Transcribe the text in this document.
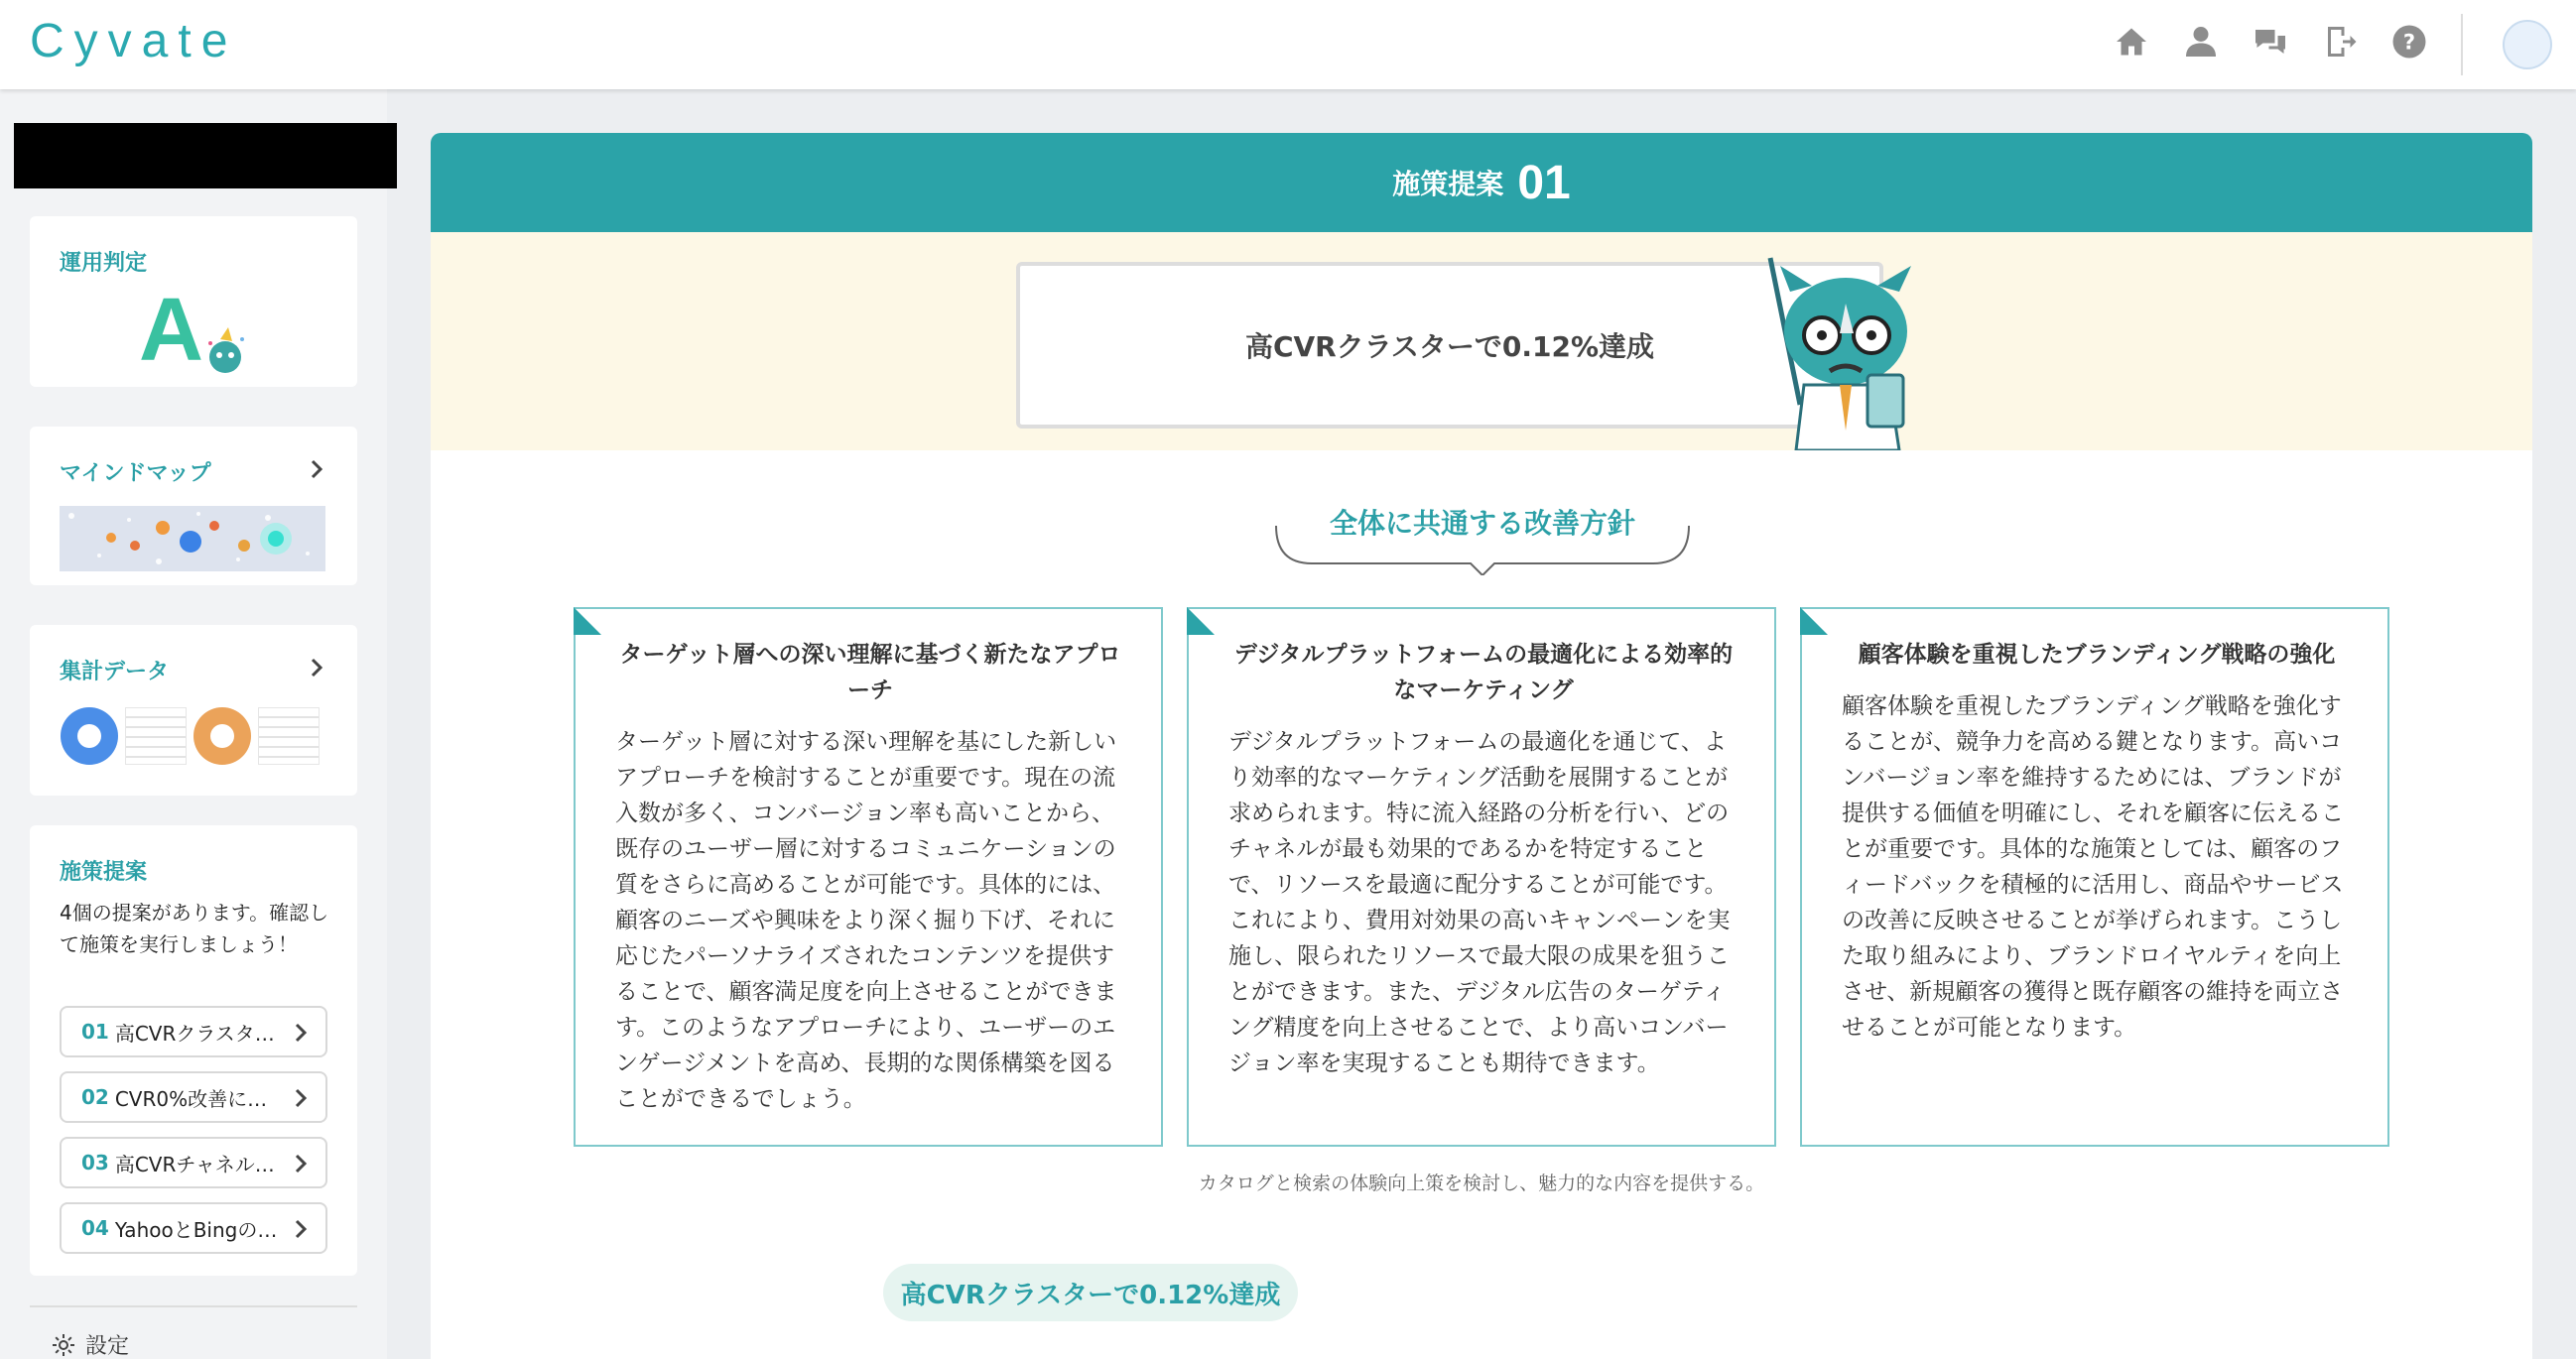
Cyvate	?
運用判定
A
マインドマップ
集計データ
施策提案
4個の提案があります。確認して施策を実行しましょう！
01 高CVRクラスタ…
02 CVR0%改善に…
03 高CVRチャネル…
04 YahooとBingの…
設定
施策提案 01
高CVRクラスターで0.12%達成
全体に共通する改善方針
ターゲット層への深い理解に基づく新たなアプローチ
ターゲット層に対する深い理解を基にした新しいアプローチを検討することが重要です。現在の流入数が多く、コンバージョン率も高いことから、既存のユーザー層に対するコミュニケーションの質をさらに高めることが可能です。具体的には、顧客のニーズや興味をより深く掘り下げ、それに応じたパーソナライズされたコンテンツを提供することで、顧客満足度を向上させることができます。このようなアプローチにより、ユーザーのエンゲージメントを高め、長期的な関係構築を図ることができるでしょう。
デジタルプラットフォームの最適化による効率的なマーケティング
デジタルプラットフォームの最適化を通じて、より効率的なマーケティング活動を展開することが求められます。特に流入経路の分析を行い、どのチャネルが最も効果的であるかを特定することで、リソースを最適に配分することが可能です。これにより、費用対効果の高いキャンペーンを実施し、限られたリソースで最大限の成果を狙うことができます。また、デジタル広告のターゲティング精度を向上させることで、より高いコンバージョン率を実現することも期待できます。
顧客体験を重視したブランディング戦略の強化
顧客体験を重視したブランディング戦略を強化することが、競争力を高める鍵となります。高いコンバージョン率を維持するためには、ブランドが提供する価値を明確にし、それを顧客に伝えることが重要です。具体的な施策としては、顧客のフィードバックを積極的に活用し、商品やサービスの改善に反映させることが挙げられます。こうした取り組みにより、ブランドロイヤルティを向上させ、新規顧客の獲得と既存顧客の維持を両立させることが可能となります。
カタログと検索の体験向上策を検討し、魅力的な内容を提供する。
高CVRクラスターで0.12%達成
